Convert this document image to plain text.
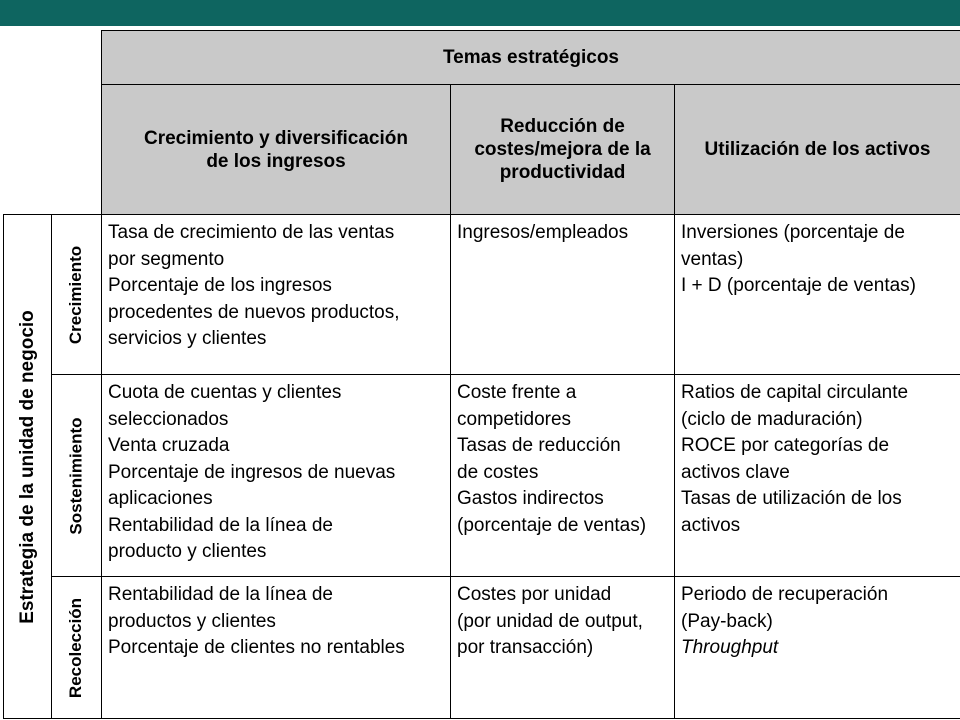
Temas estratégicos
Crecimiento y diversificación
de los ingresos
Reducción de
costes/mejora de la
productividad
Utilización de los activos
Estrategia de la unidad de negocio
Crecimiento
Sostenimiento
Recolección
Tasa de crecimiento de las ventas
por segmento
Porcentaje de los ingresos
procedentes de nuevos productos,
servicios y clientes
Ingresos/empleados	Inversiones (porcentaje de
ventas)
I + D (porcentaje de ventas)
Cuota de cuentas y clientes
seleccionados
Venta cruzada
Porcentaje de ingresos de nuevas
aplicaciones
Rentabilidad de la línea de
producto y clientes
Coste frente a
competidores
Tasas de reducción
de costes
Gastos indirectos
(porcentaje de ventas)
Ratios de capital circulante
(ciclo de maduración)
ROCE por categorías de
activos clave
Tasas de utilización de los
activos
Rentabilidad de la línea de
productos y clientes
Porcentaje de clientes no rentables
Costes por unidad
(por unidad de output,
por transacción)
Periodo de recuperación
(Pay-back)
Throughput
